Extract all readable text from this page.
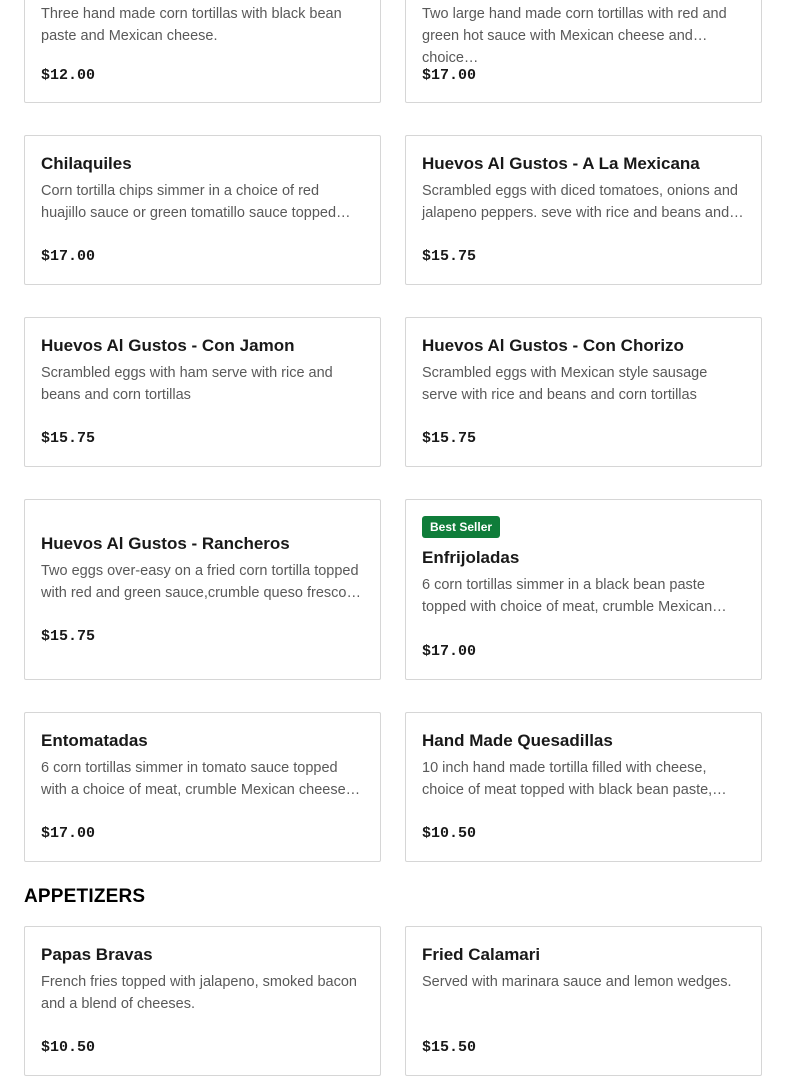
Three hand made corn tortillas with black bean paste and Mexican cheese.
$12.00
Two large hand made corn tortillas with red and green hot sauce with Mexican cheese and choice…
$17.00
Chilaquiles
Corn tortilla chips simmer in a choice of red huajillo sauce or green tomatillo sauce topped…
$17.00
Huevos Al Gustos - A La Mexicana
Scrambled eggs with diced tomatoes, onions and jalapeno peppers. seve with rice and beans and…
$15.75
Huevos Al Gustos - Con Jamon
Scrambled eggs with ham serve with rice and beans and corn tortillas
$15.75
Huevos Al Gustos - Con Chorizo
Scrambled eggs with Mexican style sausage serve with rice and beans and corn tortillas
$15.75
Huevos Al Gustos - Rancheros
Two eggs over-easy on a fried corn tortilla topped with red and green sauce,crumble queso fresco…
$15.75
Best Seller
Enfrijoladas
6 corn tortillas simmer in a black bean paste topped with choice of meat, crumble Mexican…
$17.00
Entomatadas
6 corn tortillas simmer in tomato sauce topped with a choice of meat, crumble Mexican cheese…
$17.00
Hand Made Quesadillas
10 inch hand made tortilla filled with cheese, choice of meat topped with black bean paste,…
$10.50
APPETIZERS
Papas Bravas
French fries topped with jalapeno, smoked bacon and a blend of cheeses.
$10.50
Fried Calamari
Served with marinara sauce and lemon wedges.
$15.50
